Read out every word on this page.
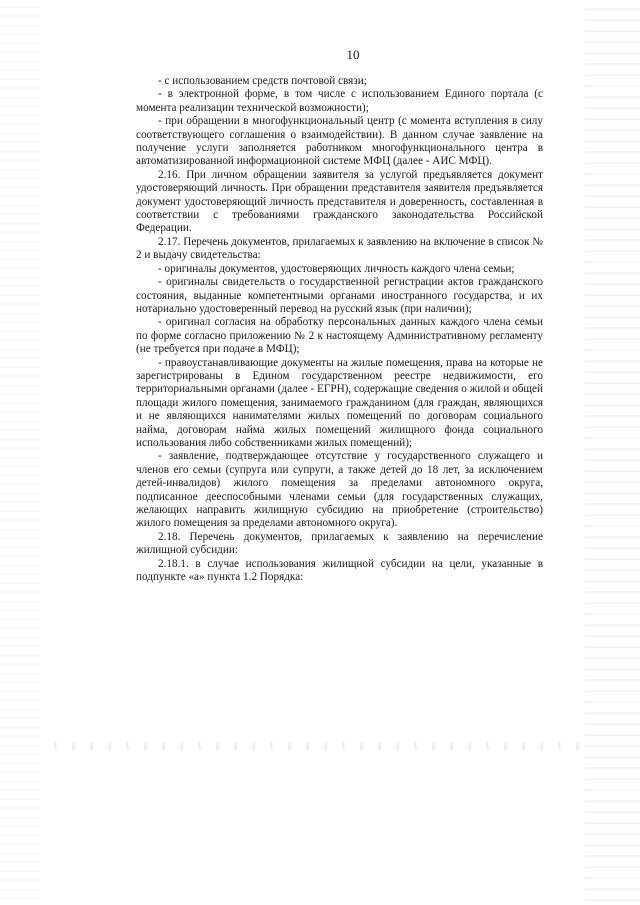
10

- с использованием средств почтовой связи;

- в электронной форме, в том числе с использованием Единого портала (с момента реализации технической возможности);

- при обращении в многофункциональный центр (с момента вступления в силу соответствующего соглашения о взаимодействии). В данном случае заявление на получение услуги заполняется работником многофункционального центра в автоматизированной информационной системе МФЦ (далее - АИС МФЦ).

2.16. При личном обращении заявителя за услугой предъявляется документ удостоверяющий личность. При обращении представителя заявителя предъявляется документ удостоверяющий личность представителя и доверенность, составленная в соответствии с требованиями гражданского законодательства Российской Федерации.

2.17. Перечень документов, прилагаемых к заявлению на включение в список № 2 и выдачу свидетельства:

- оригиналы документов, удостоверяющих личность каждого члена семьи;

- оригиналы свидетельств о государственной регистрации актов гражданского состояния, выданные компетентными органами иностранного государства, и их нотариально удостоверенный перевод на русский язык (при наличии);

- оригинал согласия на обработку персональных данных каждого члена семьи по форме согласно приложению № 2 к настоящему Административному регламенту (не требуется при подаче в МФЦ);

- правоустанавливающие документы на жилые помещения, права на которые не зарегистрированы в Едином государственном реестре недвижимости, его территориальными органами (далее - ЕГРН), содержащие сведения о жилой и общей площади жилого помещения, занимаемого гражданином (для граждан, являющихся и не являющихся нанимателями жилых помещений по договорам социального найма, договорам найма жилых помещений жилищного фонда социального использования либо собственниками жилых помещений);

- заявление, подтверждающее отсутствие у государственного служащего и членов его семьи (супруга или супруги, а также детей до 18 лет, за исключением детей-инвалидов) жилого помещения за пределами автономного округа, подписанное дееспособными членами семьи (для государственных служащих, желающих направить жилищную субсидию на приобретение (строительство) жилого помещения за пределами автономного округа).

2.18. Перечень документов, прилагаемых к заявлению на перечисление жилищной субсидии:

2.18.1. в случае использования жилищной субсидии на цели, указанные в подпункте «а» пункта 1.2 Порядка:
